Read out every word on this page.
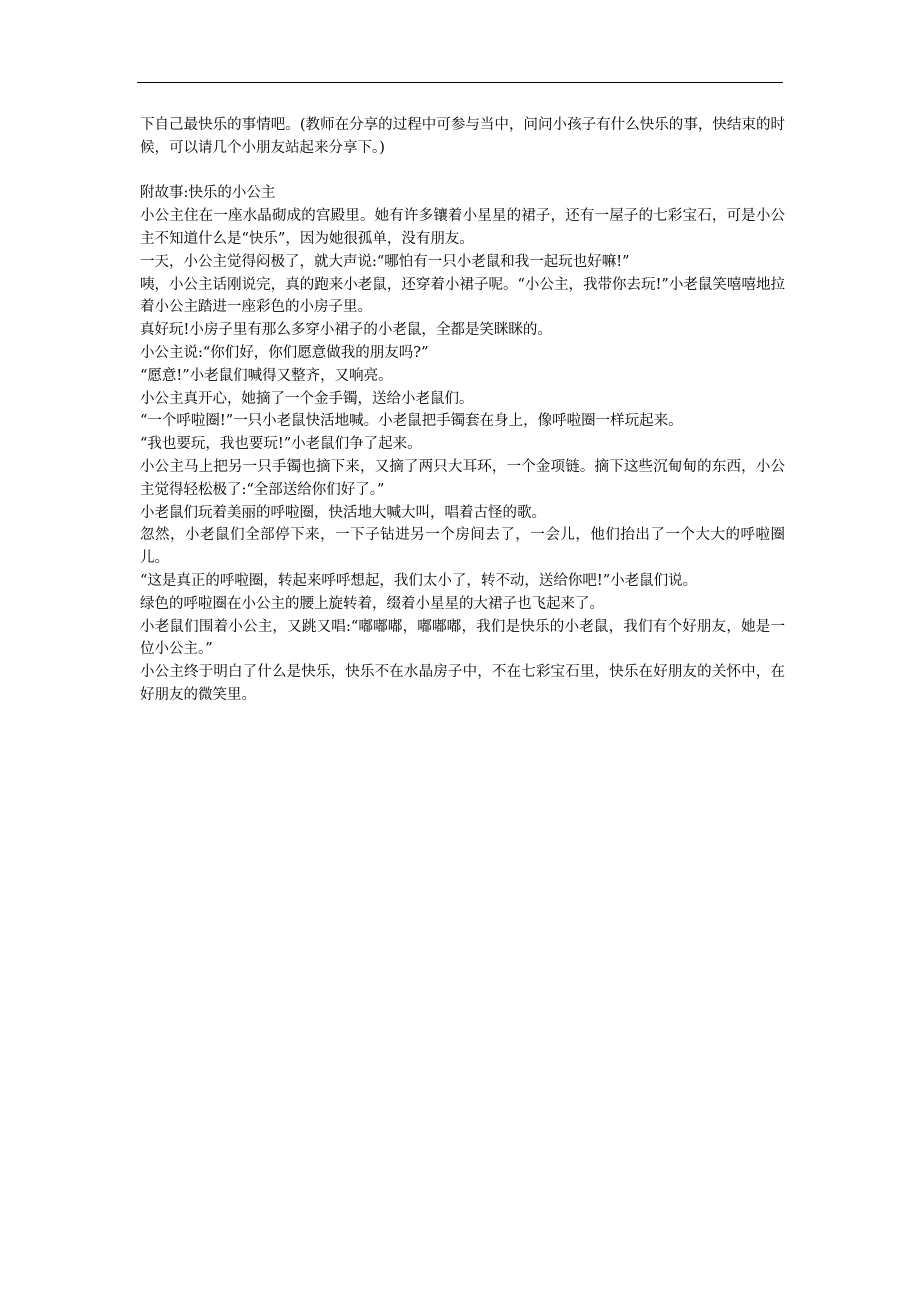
下自己最快乐的事情吧。(教师在分享的过程中可参与当中，问问小孩子有什么快乐的事，快结束的时候，可以请几个小朋友站起来分享下。)

附故事:快乐的小公主

小公主住在一座水晶砌成的宫殿里。她有许多镶着小星星的裙子，还有一屋子的七彩宝石，可是小公主不知道什么是“快乐”，因为她很孤单，没有朋友。

一天，小公主觉得闷极了，就大声说:“哪怕有一只小老鼠和我一起玩也好嘛!”

咦，小公主话刚说完，真的跑来小老鼠，还穿着小裙子呢。“小公主，我带你去玩!”小老鼠笑嘻嘻地拉着小公主踏进一座彩色的小房子里。

真好玩!小房子里有那么多穿小裙子的小老鼠，全都是笑眯眯的。

小公主说:“你们好，你们愿意做我的朋友吗?”

“愿意!”小老鼠们喊得又整齐，又响亮。

小公主真开心，她摘了一个金手镯，送给小老鼠们。

“一个呼啦圈!”一只小老鼠快活地喊。小老鼠把手镯套在身上，像呼啦圈一样玩起来。

“我也要玩，我也要玩!”小老鼠们争了起来。

小公主马上把另一只手镯也摘下来，又摘了两只大耳环，一个金项链。摘下这些沉甸甸的东西，小公主觉得轻松极了:“全部送给你们好了。”

小老鼠们玩着美丽的呼啦圈，快活地大喊大叫，唱着古怪的歌。

忽然，小老鼠们全部停下来，一下子钻进另一个房间去了，一会儿，他们抬出了一个大大的呼啦圈儿。

“这是真正的呼啦圈，转起来呼呼想起，我们太小了，转不动，送给你吧!”小老鼠们说。

绿色的呼啦圈在小公主的腰上旋转着，缀着小星星的大裙子也飞起来了。

小老鼠们围着小公主，又跳又唱:“嘟嘟嘟，嘟嘟嘟，我们是快乐的小老鼠，我们有个好朋友，她是一位小公主。”

小公主终于明白了什么是快乐，快乐不在水晶房子中，不在七彩宝石里，快乐在好朋友的关怀中，在好朋友的微笑里。
